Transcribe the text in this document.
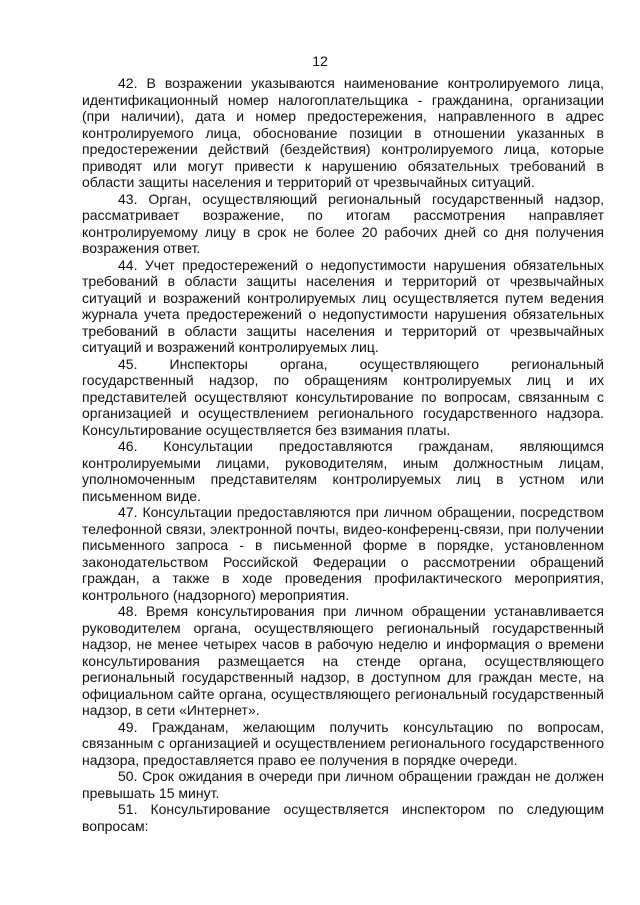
12

42. В возражении указываются наименование контролируемого лица, идентификационный номер налогоплательщика - гражданина, организации (при наличии), дата и номер предостережения, направленного в адрес контролируемого лица, обоснование позиции в отношении указанных в предостережении действий (бездействия) контролируемого лица, которые приводят или могут привести к нарушению обязательных требований в области защиты населения и территорий от чрезвычайных ситуаций.

43. Орган, осуществляющий региональный государственный надзор, рассматривает возражение, по итогам рассмотрения направляет контролируемому лицу в срок не более 20 рабочих дней со дня получения возражения ответ.

44. Учет предостережений о недопустимости нарушения обязательных требований в области защиты населения и территорий от чрезвычайных ситуаций и возражений контролируемых лиц осуществляется путем ведения журнала учета предостережений о недопустимости нарушения обязательных требований в области защиты населения и территорий от чрезвычайных ситуаций и возражений контролируемых лиц.

45. Инспекторы органа, осуществляющего региональный государственный надзор, по обращениям контролируемых лиц и их представителей осуществляют консультирование по вопросам, связанным с организацией и осуществлением регионального государственного надзора. Консультирование осуществляется без взимания платы.

46. Консультации предоставляются гражданам, являющимся контролируемыми лицами, руководителям, иным должностным лицам, уполномоченным представителям контролируемых лиц в устном или письменном виде.

47. Консультации предоставляются при личном обращении, посредством телефонной связи, электронной почты, видео-конференц-связи, при получении письменного запроса - в письменной форме в порядке, установленном законодательством Российской Федерации о рассмотрении обращений граждан, а также в ходе проведения профилактического мероприятия, контрольного (надзорного) мероприятия.

48. Время консультирования при личном обращении устанавливается руководителем органа, осуществляющего региональный государственный надзор, не менее четырех часов в рабочую неделю и информация о времени консультирования размещается на стенде органа, осуществляющего региональный государственный надзор, в доступном для граждан месте, на официальном сайте органа, осуществляющего региональный государственный надзор, в сети «Интернет».

49. Гражданам, желающим получить консультацию по вопросам, связанным с организацией и осуществлением регионального государственного надзора, предоставляется право ее получения в порядке очереди.

50. Срок ожидания в очереди при личном обращении граждан не должен превышать 15 минут.

51. Консультирование осуществляется инспектором по следующим вопросам:
